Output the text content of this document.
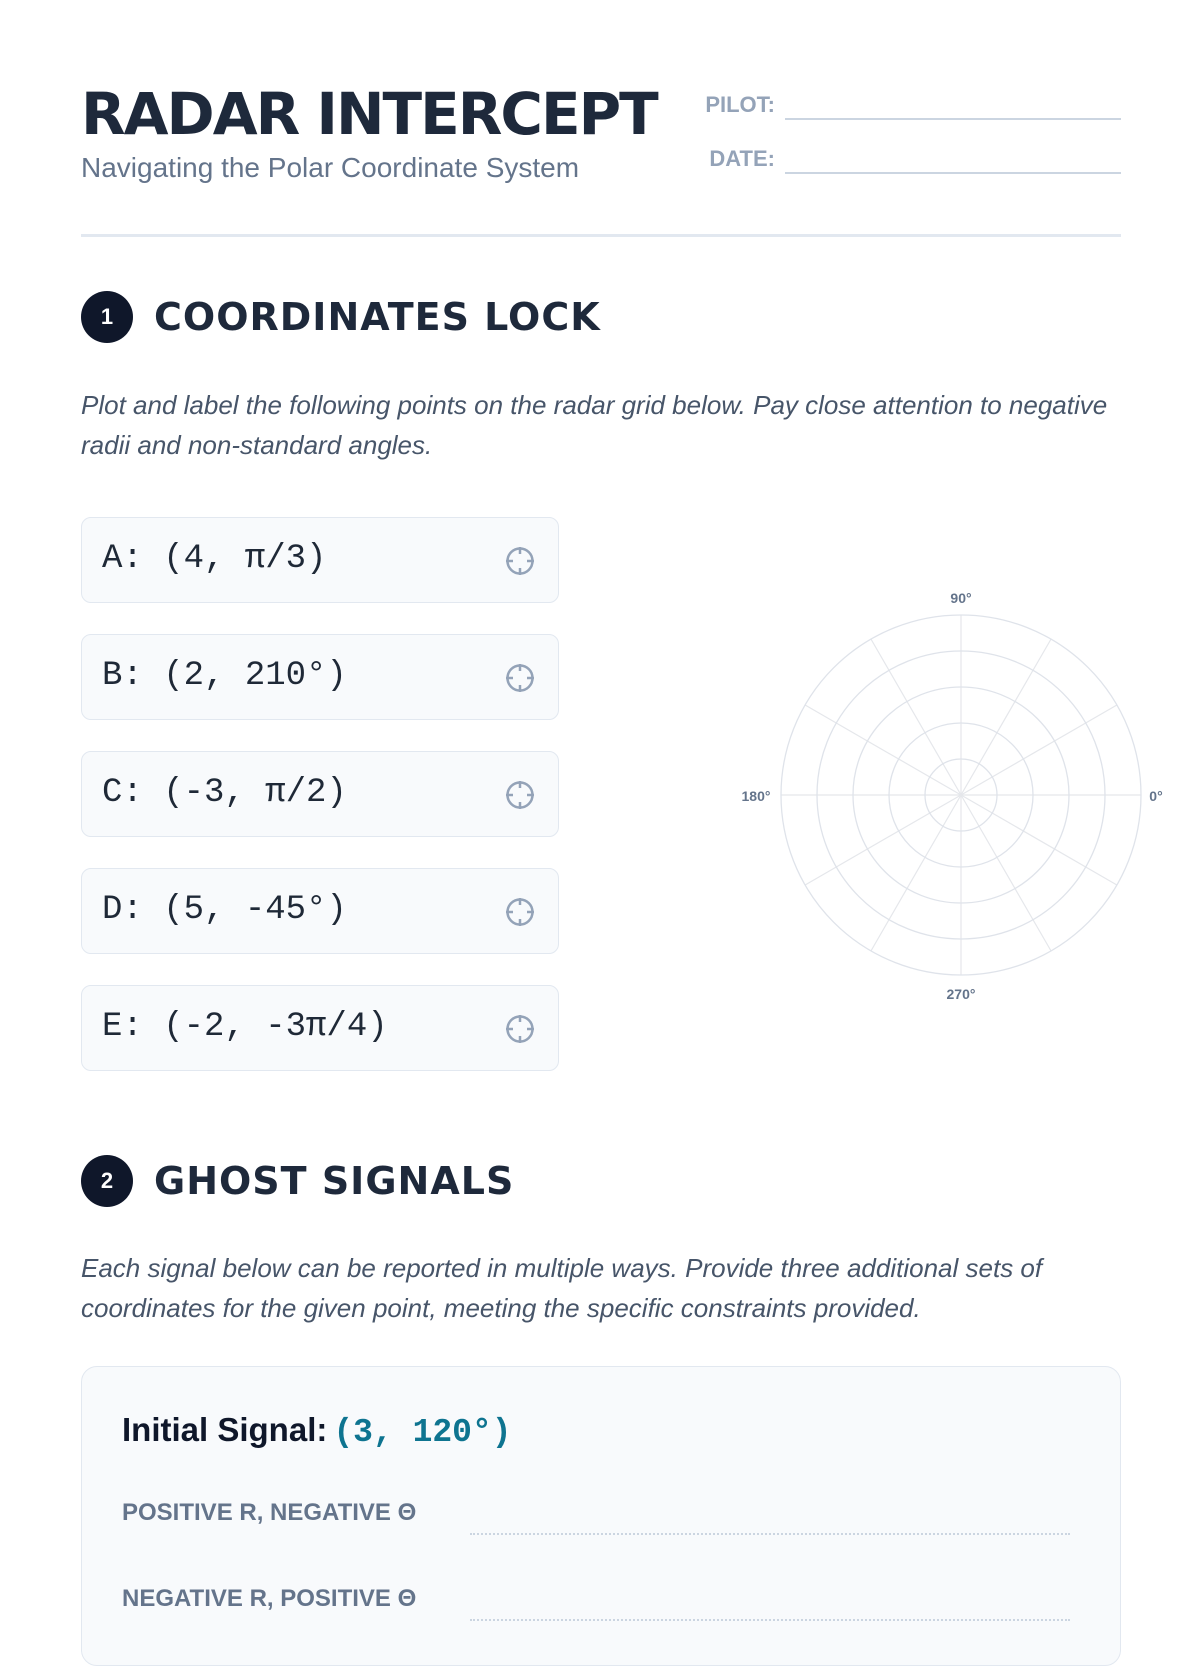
RADAR INTERCEPT
Navigating the Polar Coordinate System
PILOT:
DATE:
1	COORDINATES LOCK

Plot and label the following points on the radar grid below. Pay close attention to negative radii and non-standard angles.

A: (4, π/3)
B: (2, 210°)
C: (-3, π/2)
D: (5, -45°)
E: (-2, -3π/4)
90°
180°	0°
270°
2	GHOST SIGNALS

Each signal below can be reported in multiple ways. Provide three additional sets of coordinates for the given point, meeting the specific constraints provided.

Initial Signal: (3, 120°)
POSITIVE R, NEGATIVE Θ
NEGATIVE R, POSITIVE Θ
